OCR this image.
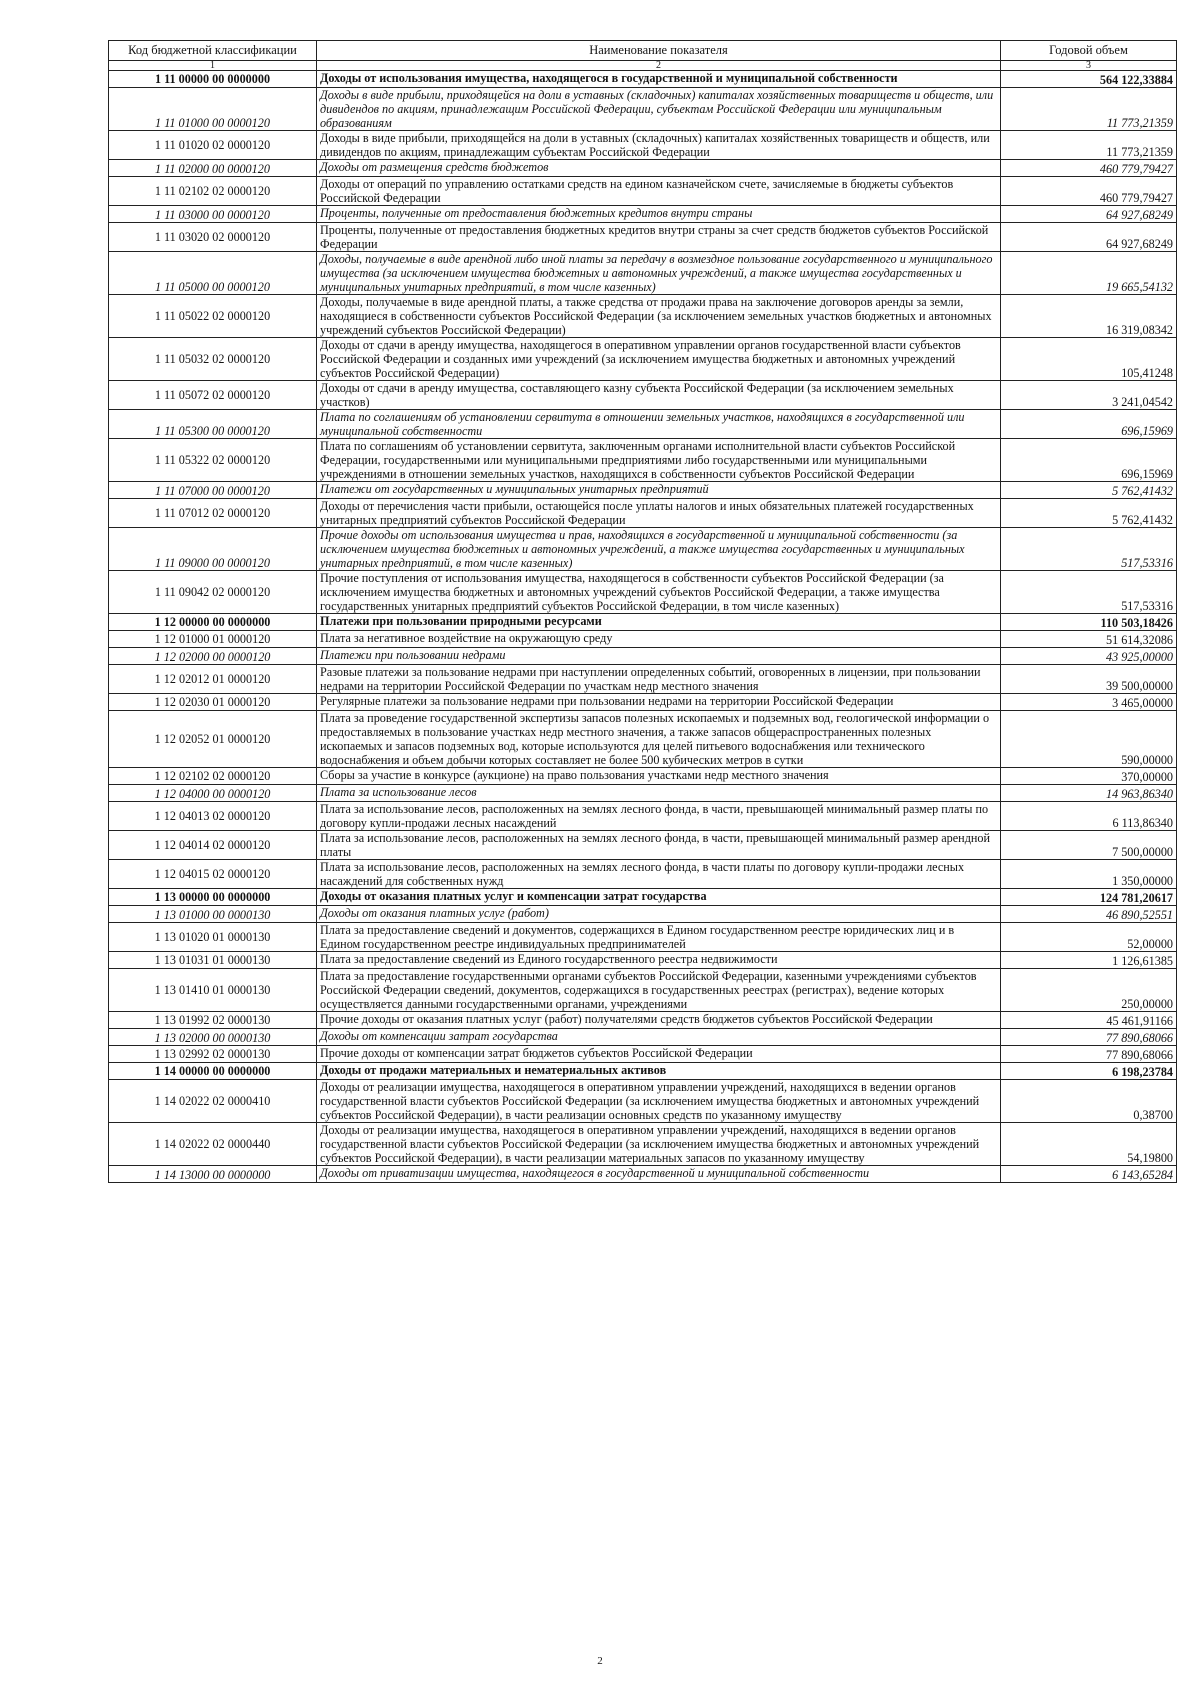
Код бюджетной классификации	Наименование показателя	Годовой объем
1	2	3
1 11 00000 00 0000000	Доходы от использования имущества, находящегося в государственной и муниципальной собственности	564 122,33884
1 11 01000 00 0000120	Доходы в виде прибыли, приходящейся на доли в уставных (складочных) капиталах хозяйственных товариществ и обществ, или дивидендов по акциям, принадлежащим Российской Федерации, субъектам Российской Федерации или муниципальным образованиям	11 773,21359
1 11 01020 02 0000120	Доходы в виде прибыли, приходящейся на доли в уставных (складочных) капиталах хозяйственных товариществ и обществ, или дивидендов по акциям, принадлежащим субъектам Российской Федерации	11 773,21359
1 11 02000 00 0000120	Доходы от размещения средств бюджетов	460 779,79427
1 11 02102 02 0000120	Доходы от операций по управлению остатками средств на едином казначейском счете, зачисляемые в бюджеты субъектов Российской Федерации	460 779,79427
1 11 03000 00 0000120	Проценты, полученные от предоставления бюджетных кредитов внутри страны	64 927,68249
1 11 03020 02 0000120	Проценты, полученные от предоставления бюджетных кредитов внутри страны за счет средств бюджетов субъектов Российской Федерации	64 927,68249
1 11 05000 00 0000120	Доходы, получаемые в виде арендной либо иной платы за передачу в возмездное пользование государственного и муниципального имущества (за исключением имущества бюджетных и автономных учреждений, а также имущества государственных и муниципальных унитарных предприятий, в том числе казенных)	19 665,54132
1 11 05022 02 0000120	Доходы, получаемые в виде арендной платы, а также средства от продажи права на заключение договоров аренды за земли, находящиеся в собственности субъектов Российской Федерации (за исключением земельных участков бюджетных и автономных учреждений субъектов Российской Федерации)	16 319,08342
1 11 05032 02 0000120	Доходы от сдачи в аренду имущества, находящегося в оперативном управлении органов государственной власти субъектов Российской Федерации и созданных ими учреждений (за исключением имущества бюджетных и автономных учреждений субъектов Российской Федерации)	105,41248
1 11 05072 02 0000120	Доходы от сдачи в аренду имущества, составляющего казну субъекта Российской Федерации (за исключением земельных участков)	3 241,04542
1 11 05300 00 0000120	Плата по соглашениям об установлении сервитута в отношении земельных участков, находящихся в государственной или муниципальной собственности	696,15969
1 11 05322 02 0000120	Плата по соглашениям об установлении сервитута, заключенным органами исполнительной власти субъектов Российской Федерации, государственными или муниципальными предприятиями либо государственными или муниципальными учреждениями в отношении земельных участков, находящихся в собственности субъектов Российской Федерации	696,15969
1 11 07000 00 0000120	Платежи от государственных и муниципальных унитарных предприятий	5 762,41432
1 11 07012 02 0000120	Доходы от перечисления части прибыли, остающейся после уплаты налогов и иных обязательных платежей государственных унитарных предприятий субъектов Российской Федерации	5 762,41432
1 11 09000 00 0000120	Прочие доходы от использования имущества и прав, находящихся в государственной и муниципальной собственности (за исключением имущества бюджетных и автономных учреждений, а также имущества государственных и муниципальных унитарных предприятий, в том числе казенных)	517,53316
1 11 09042 02 0000120	Прочие поступления от использования имущества, находящегося в собственности субъектов Российской Федерации (за исключением имущества бюджетных и автономных учреждений субъектов Российской Федерации, а также имущества государственных унитарных предприятий субъектов Российской Федерации, в том числе казенных)	517,53316
1 12 00000 00 0000000	Платежи при пользовании природными ресурсами	110 503,18426
1 12 01000 01 0000120	Плата за негативное воздействие на окружающую среду	51 614,32086
1 12 02000 00 0000120	Платежи при пользовании недрами	43 925,00000
1 12 02012 01 0000120	Разовые платежи за пользование недрами при наступлении определенных событий, оговоренных в лицензии, при пользовании недрами на территории Российской Федерации по участкам недр местного значения	39 500,00000
1 12 02030 01 0000120	Регулярные платежи за пользование недрами при пользовании недрами на территории Российской Федерации	3 465,00000
1 12 02052 01 0000120	Плата за проведение государственной экспертизы запасов полезных ископаемых и подземных вод, геологической информации о предоставляемых в пользование участках недр местного значения, а также запасов общераспространенных полезных ископаемых и запасов подземных вод, которые используются для целей питьевого водоснабжения или технического водоснабжения и объем добычи которых составляет не более 500 кубических метров в сутки	590,00000
1 12 02102 02 0000120	Сборы за участие в конкурсе (аукционе) на право пользования участками недр местного значения	370,00000
1 12 04000 00 0000120	Плата за использование лесов	14 963,86340
1 12 04013 02 0000120	Плата за использование лесов, расположенных на землях лесного фонда, в части, превышающей минимальный размер платы по договору купли-продажи лесных насаждений	6 113,86340
1 12 04014 02 0000120	Плата за использование лесов, расположенных на землях лесного фонда, в части, превышающей минимальный размер арендной платы	7 500,00000
1 12 04015 02 0000120	Плата за использование лесов, расположенных на землях лесного фонда, в части платы по договору купли-продажи лесных насаждений для собственных нужд	1 350,00000
1 13 00000 00 0000000	Доходы от оказания платных услуг и компенсации затрат государства	124 781,20617
1 13 01000 00 0000130	Доходы от оказания платных услуг (работ)	46 890,52551
1 13 01020 01 0000130	Плата за предоставление сведений и документов, содержащихся в Едином государственном реестре юридических лиц и в Едином государственном реестре индивидуальных предпринимателей	52,00000
1 13 01031 01 0000130	Плата за предоставление сведений из Единого государственного реестра недвижимости	1 126,61385
1 13 01410 01 0000130	Плата за предоставление государственными органами субъектов Российской Федерации, казенными учреждениями субъектов Российской Федерации сведений, документов, содержащихся в государственных реестрах (регистрах), ведение которых осуществляется данными государственными органами, учреждениями	250,00000
1 13 01992 02 0000130	Прочие доходы от оказания платных услуг (работ) получателями средств бюджетов субъектов Российской Федерации	45 461,91166
1 13 02000 00 0000130	Доходы от компенсации затрат государства	77 890,68066
1 13 02992 02 0000130	Прочие доходы от компенсации затрат бюджетов субъектов Российской Федерации	77 890,68066
1 14 00000 00 0000000	Доходы от продажи материальных и нематериальных активов	6 198,23784
1 14 02022 02 0000410	Доходы от реализации имущества, находящегося в оперативном управлении учреждений, находящихся в ведении органов государственной власти субъектов Российской Федерации (за исключением имущества бюджетных и автономных учреждений субъектов Российской Федерации), в части реализации основных средств по указанному имуществу	0,38700
1 14 02022 02 0000440	Доходы от реализации имущества, находящегося в оперативном управлении учреждений, находящихся в ведении органов государственной власти субъектов Российской Федерации (за исключением имущества бюджетных и автономных учреждений субъектов Российской Федерации), в части реализации материальных запасов по указанному имуществу	54,19800
1 14 13000 00 0000000	Доходы от приватизации имущества, находящегося в государственной и муниципальной собственности	6 143,65284
2
